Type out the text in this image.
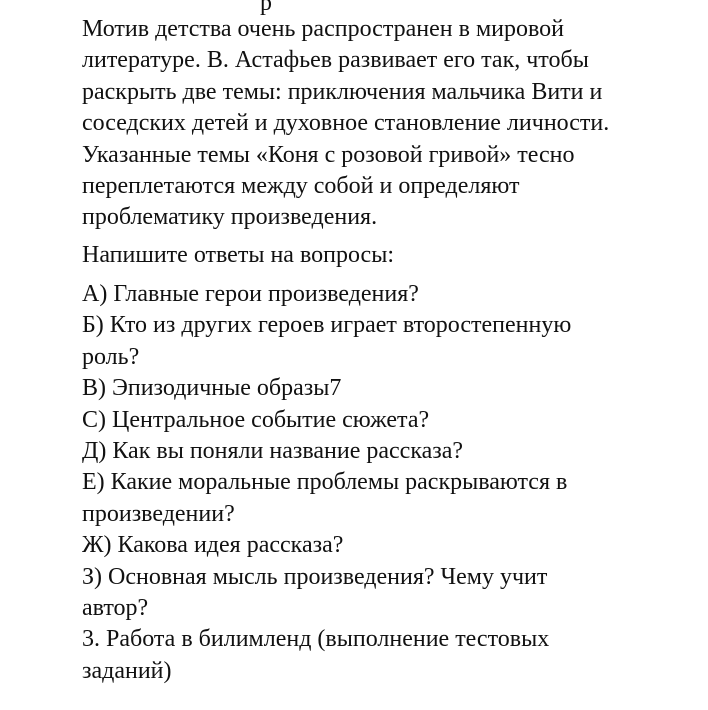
р
Мотив детства очень распространен в мировой
литературе. В. Астафьев развивает его так, чтобы
раскрыть две темы: приключения мальчика Вити и
соседских детей и духовное становление личности.
Указанные темы «Коня с розовой гривой» тесно
переплетаются между собой и определяют
проблематику произведения.
Напишите ответы на вопросы:
А) Главные герои произведения?
Б) Кто из других героев играет второстепенную
роль?
В) Эпизодичные образы7
С) Центральное событие сюжета?
Д) Как вы поняли название рассказа?
Е) Какие моральные проблемы раскрываются в
произведении?
Ж) Какова идея рассказа?
З) Основная мысль произведения? Чему учит
автор?
3. Работа в билимленд (выполнение тестовых
заданий)
